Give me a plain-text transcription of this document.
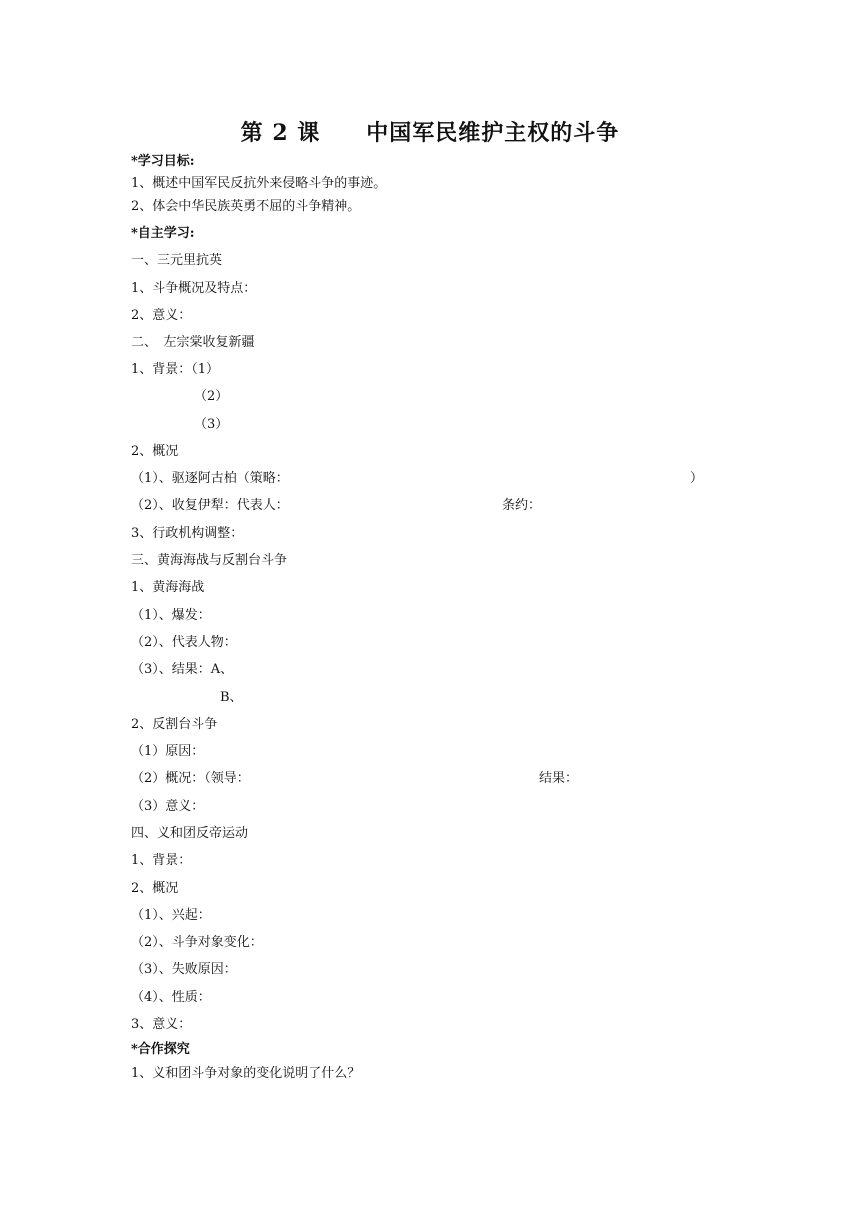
第 2 课　　中国军民维护主权的斗争
*学习目标:
1、概述中国军民反抗外来侵略斗争的事迹。
2、体会中华民族英勇不屈的斗争精神。
*自主学习:
一、三元里抗英
1、斗争概况及特点：
2、意义：
二、　左宗棠收复新疆
1、背景：（1）
（2）
（3）
2、概况
（1）、驱逐阿古柏（策略：	）
（2）、收复伊犁：代表人：	条约：
3、行政机构调整：
三、黄海海战与反割台斗争
1、黄海海战
（1）、爆发：
（2）、代表人物：
（3）、结果：A、
B、
2、反割台斗争
（1）原因：
（2）概况：（领导：	结果：
（3）意义：
四、义和团反帝运动
1、背景：
2、概况
（1）、兴起：
（2）、斗争对象变化：
（3）、失败原因：
（4）、性质：
3、意义：
*合作探究
1、义和团斗争对象的变化说明了什么？
